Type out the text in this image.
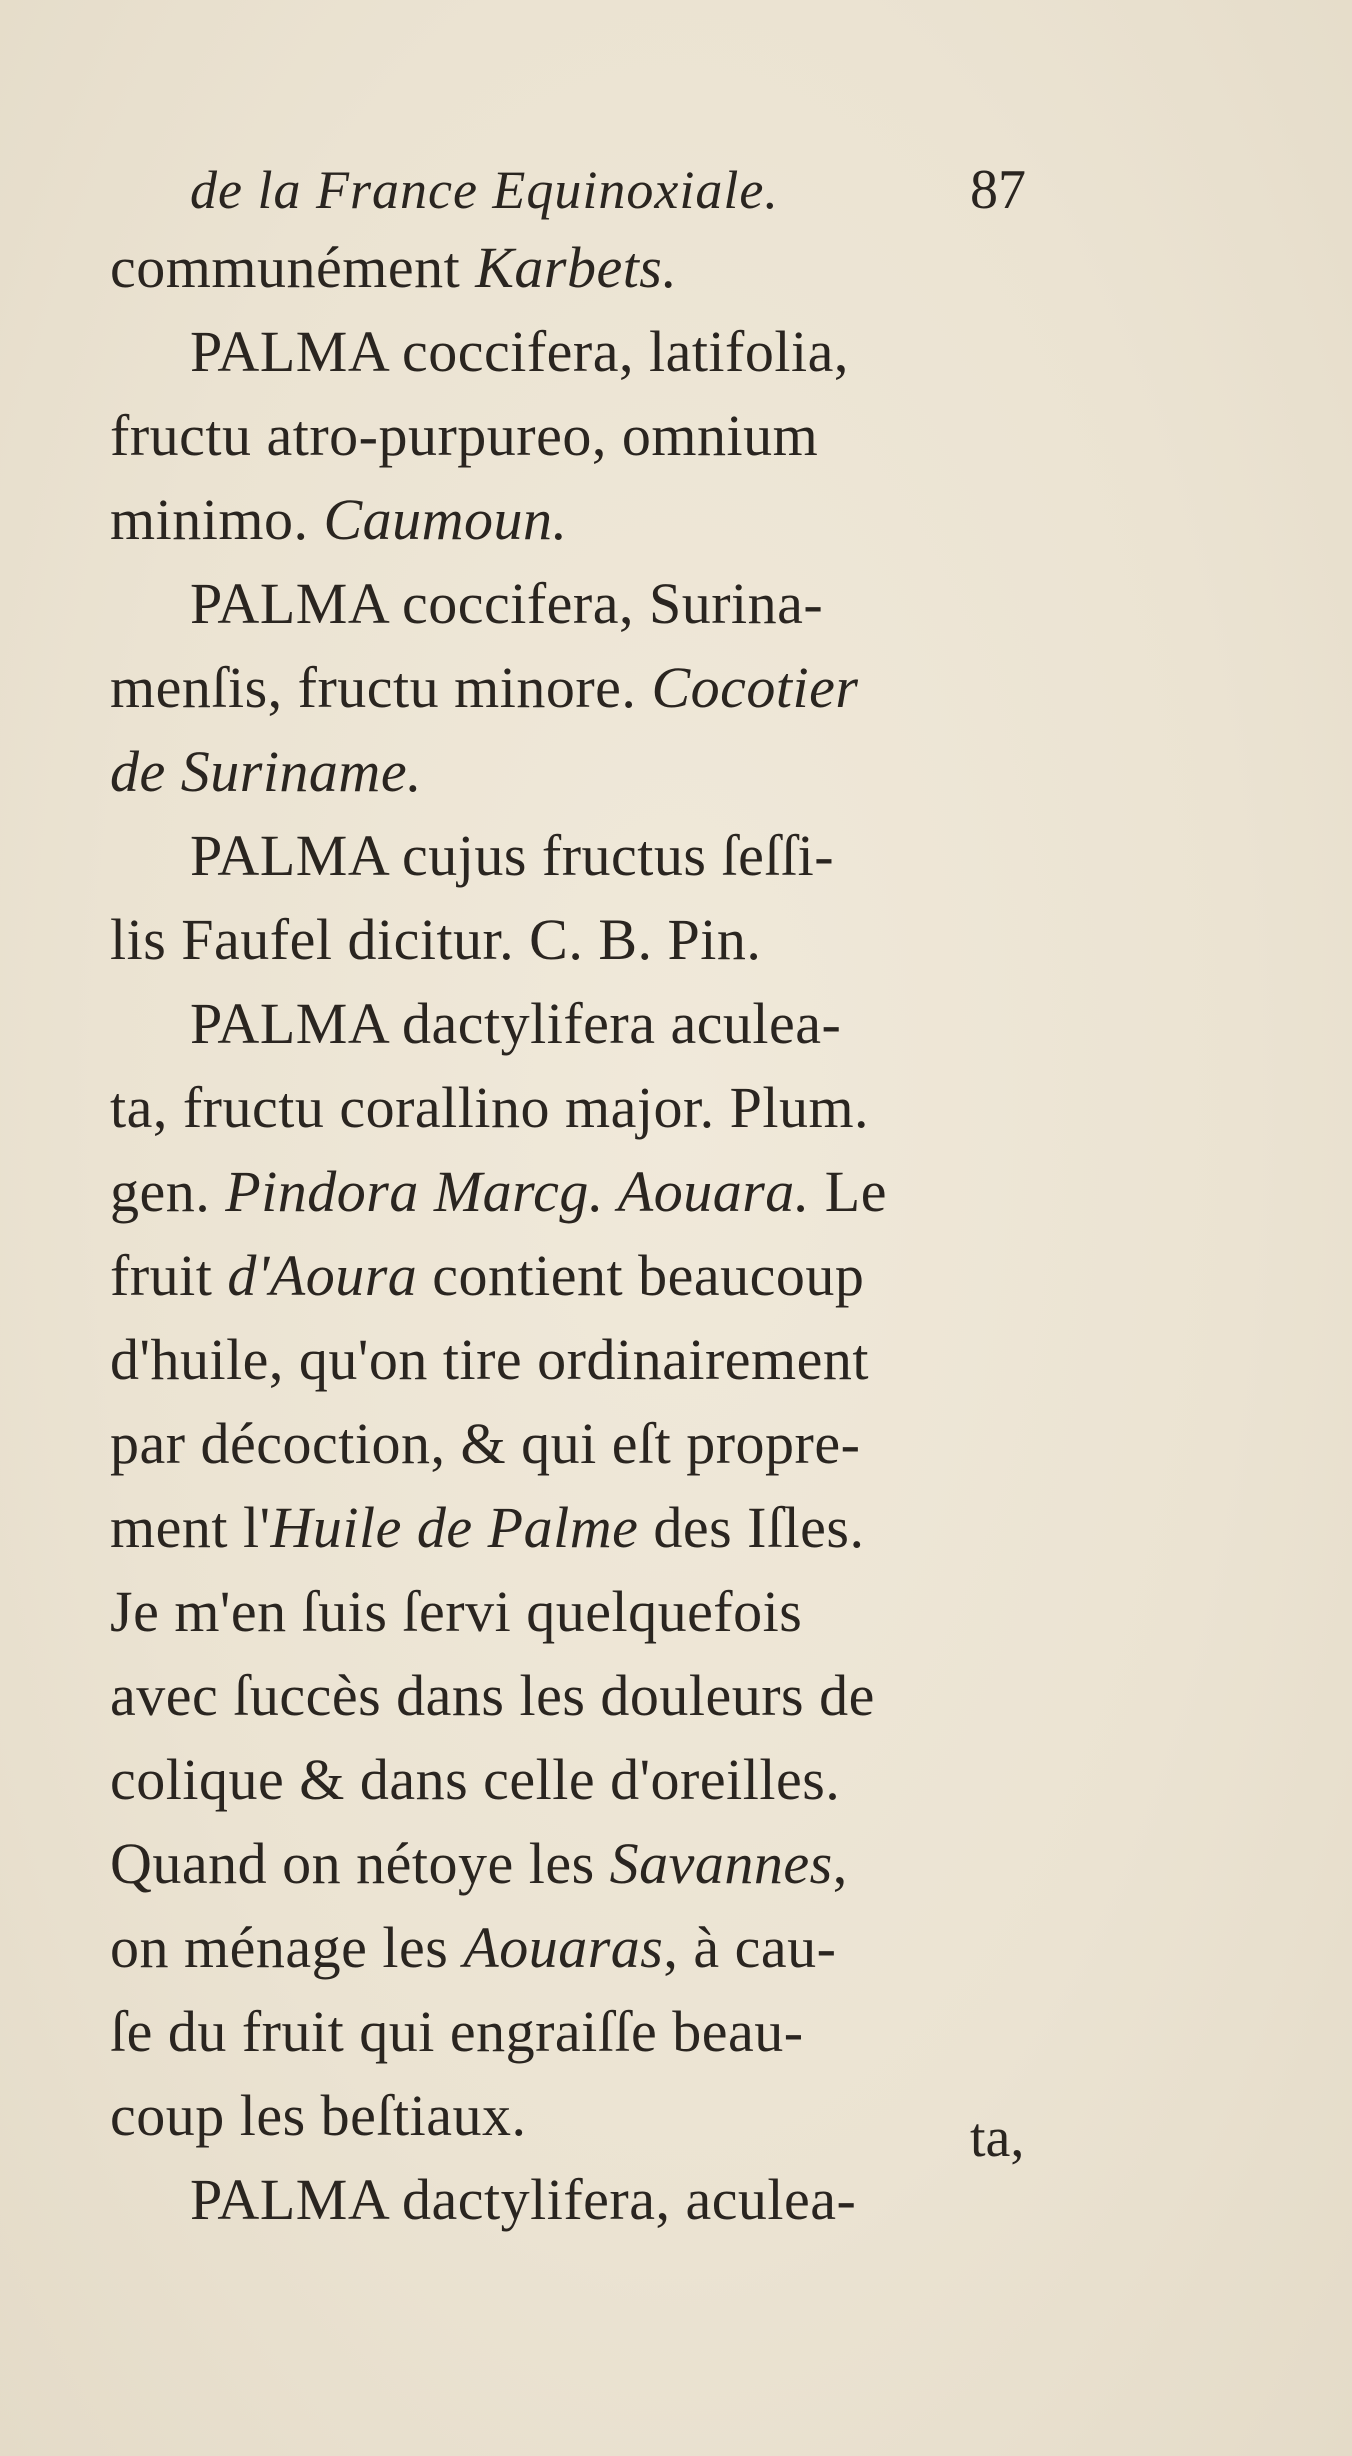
de la France Equinoxiale.	87
communément Karbets.
PALMA coccifera, latifolia,
fructu atro-purpureo, omnium
minimo. Caumoun.
PALMA coccifera, Surina-
menſis, fructu minore. Cocotier
de Suriname.
PALMA cujus fructus ſeſſi-
lis Faufel dicitur. C. B. Pin.
PALMA dactylifera aculea-
ta, fructu corallino major. Plum.
gen. Pindora Marcg. Aouara. Le
fruit d'Aoura contient beaucoup
d'huile, qu'on tire ordinairement
par décoction, & qui eſt propre-
ment l'Huile de Palme des Iſles.
Je m'en ſuis ſervi quelquefois
avec ſuccès dans les douleurs de
colique & dans celle d'oreilles.
Quand on nétoye les Savannes,
on ménage les Aouaras, à cau-
ſe du fruit qui engraiſſe beau-
coup les beſtiaux.
PALMA dactylifera, aculea-
ta,
